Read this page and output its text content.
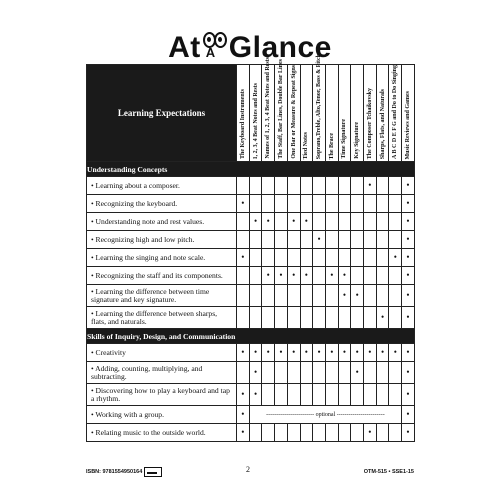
At A Glance
Learning Expectations	The Keyboard Instruments	1, 2, 3, 4 Beat Notes and Rests	Names of 1, 2, 3, 4 Beat Notes and Rests	The Staff, Bar Lines, Double Bar Lines	One Bar or Measure & Repeat Signs	Tied Notes	Soprano,Treble, Alto,Tenor, Bass & Pitch	The Brace	Time Signature	Key Signature	The Composer Tchaikovsky	Sharps, Flats, and Naturals	A B C D E F G and Do to Do Singing	Music Reviews and Games

Understanding Concepts														
• Learning about a composer.											•			•
• Recognizing the keyboard.	•													•
• Understanding note and rest values.		•	•		•	•								•
• Recognizing high and low pitch.							•							•
• Learning the singing and note scale.	•												•	•
• Recognizing the staff and its components.			•	•	•	•		•	•					•
• Learning the difference between time signature and key signature.									•	•				•
• Learning the difference between sharps, flats, and naturals.												•		•
Skills of Inquiry, Design, and Communication														
• Creativity	•	•	•	•	•	•	•	•	•	•	•	•	•	•
• Adding, counting, multiplying, and subtracting.		•								•				•
• Discovering how to play a keyboard and tap a rhythm.	•	•												•
• Working with a group.	•	------------------------ optional ------------------------												•
• Relating music to the outside world.	•										•			•
ISBN: 9781554950164	2	OTM-515 • SSE1-15
